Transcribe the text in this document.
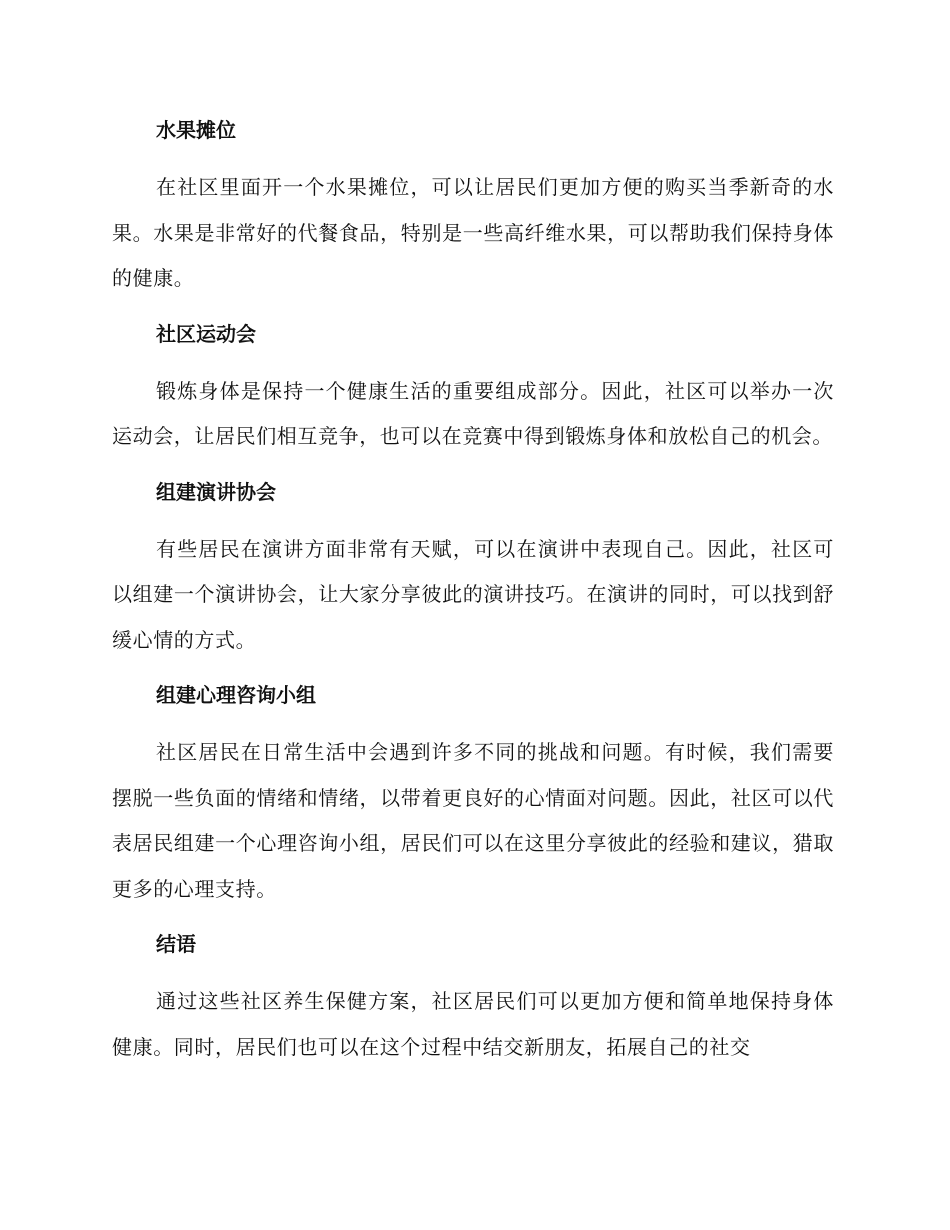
水果摊位

在社区里面开一个水果摊位，可以让居民们更加方便的购买当季新奇的水果。水果是非常好的代餐食品，特别是一些高纤维水果，可以帮助我们保持身体的健康。

社区运动会

锻炼身体是保持一个健康生活的重要组成部分。因此，社区可以举办一次运动会，让居民们相互竞争，也可以在竞赛中得到锻炼身体和放松自己的机会。

组建演讲协会

有些居民在演讲方面非常有天赋，可以在演讲中表现自己。因此，社区可以组建一个演讲协会，让大家分享彼此的演讲技巧。在演讲的同时，可以找到舒缓心情的方式。

组建心理咨询小组

社区居民在日常生活中会遇到许多不同的挑战和问题。有时候，我们需要摆脱一些负面的情绪和情绪，以带着更良好的心情面对问题。因此，社区可以代表居民组建一个心理咨询小组，居民们可以在这里分享彼此的经验和建议，猎取更多的心理支持。

结语

通过这些社区养生保健方案，社区居民们可以更加方便和简单地保持身体健康。同时，居民们也可以在这个过程中结交新朋友，拓展自己的社交
